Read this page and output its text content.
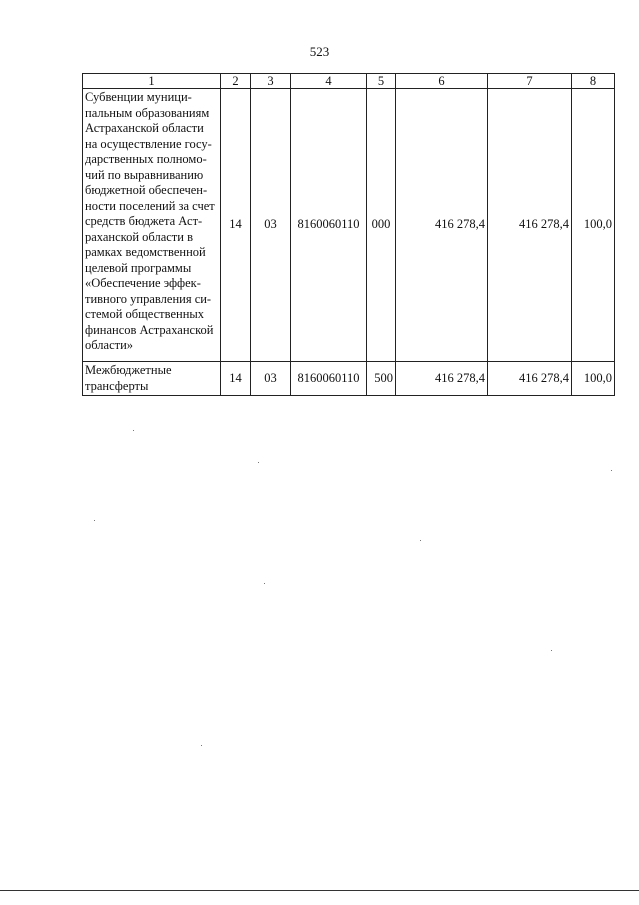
523
1	2	3	4	5	6	7	8
Субвенции муници-пальным образованиям Астраханской области на осуществление госу-дарственных полномо-чий по выравниванию бюджетной обеспечен-ности поселений за счет средств бюджета Аст-раханской области в рамках ведомственной целевой программы «Обеспечение эффек-тивного управления си-стемой общественных финансов Астраханской области»	14	03	8160060110	000	416 278,4	416 278,4	100,0
Межбюджетные трансферты	14	03	8160060110	500	416 278,4	416 278,4	100,0
